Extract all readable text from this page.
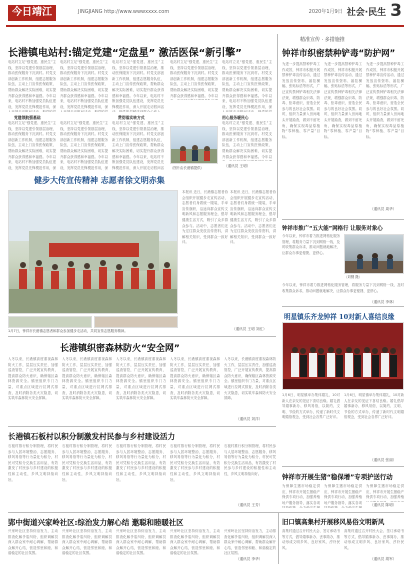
今日靖江	JINGJIANG http://www.wwwxxxx.com	2020年1月9日 社会·民生 3
长港镇电站村:锚定党建“定盘星” 激活医保“新引擎”
电站村立足“强党建、惠民生”主线，坚持以党建引领基层治理，推动医保服务下沉到村。村党支部创新工作机制，组建志愿服务队伍，主动上门宣传医保政策，帮助群众解决实际困难，切实提升群众获得感和幸福感。今年以来，电站村不断加强党员队伍建设，发挥党员先锋模范作用，深
电站村立足“强党建、惠民生”主线，坚持以党建引领基层治理，推动医保服务下沉到村。村党支部创新工作机制，组建志愿服务队伍，主动上门宣传医保政策，帮助群众解决实际困难，切实提升群众获得感和幸福感。今年以来，电站村不断加强党员队伍建设，发挥党员先锋模范作用，深
电站村立足“强党建、惠民生”主线，坚持以党建引领基层治理，推动医保服务下沉到村。村党支部创新工作机制，组建志愿服务队伍，主动上门宣传医保政策，帮助群众解决实际困难，切实提升群众获得感和幸福感。今年以来，电站村不断加强党员队伍建设，发挥党员先锋模范作用，深入开展走访慰问活
电站村立足“强党建、惠民生”主线，坚持以党建引领基层治理，推动医保服务下沉到村。村党支部创新工作机制，组建志愿服务队伍，主动上门宣传医保政策，帮助群众解决实际困难，切实提升群众获得感和幸福感。今年以
电站村立足“强党建、惠民生”主线，坚持以党建引领基层治理，推动医保服务下沉到村。村党支部创新工作机制，组建志愿服务队伍，主动上门宣传医保政策，帮助群众解决实际困难，切实提升群众获得感和幸福感。今年以来，电站村不断加强党员队伍建设，发挥党员先锋模范作用，深
党建领航强基础	贯彻落实转方式	用心服务暖民心
电站村立足“强党建、惠民生”主线，坚持以党建引领基层治理，推动医保服务下沉到村。村党支部创新工作机制，组建志愿服务队伍，主动上门宣传医保政策，帮助群众解决实际困难，切实提升群众获得感和幸福感。今年以来，电站村不断加强党员队伍建设，发挥党员先锋模范作用，深
电站村立足“强党建、惠民生”主线，坚持以党建引领基层治理，推动医保服务下沉到村。村党支部创新工作机制，组建志愿服务队伍，主动上门宣传医保政策，帮助群众解决实际困难，切实提升群众获得感和幸福感。今年以来，电站村不断加强党员队伍建设，发挥党员先锋模范作用，深
电站村立足“强党建、惠民生”主线，坚持以党建引领基层治理，推动医保服务下沉到村。村党支部创新工作机制，组建志愿服务队伍，主动上门宣传医保政策，帮助群众解决实际困难，切实提升群众获得感和幸福感。今年以来，电站村不断加强党员队伍建设，发挥党员先锋模范作用，深入开展走访慰问活
电站村立足“强党建、惠民生”主线，坚持以党建引领基层治理，推动医保服务下沉到村。村党支部创新工作机制，组建志愿服务队伍，主动上门宣传医保政策，帮助群众解决实际困难，切实提升群众获得感和幸福感。今年以
（通讯员 王明）
（图片由长港镇提供）
精准宣传 · 多措施推
钟祥市织密禁种铲毒“防护网”
为进一步提高禁种铲毒工作成效，钟祥市积极开展禁种铲毒宣传活动，通过发放宣传资料、悬挂横幅、张贴标语等形式，广泛宣传禁种铲毒相关法律法规，增强群众识毒、防毒、拒毒意识，营造全民参与的良好社会氛围。同时，组织力量深入田间地头开展踏查，做到不留死角，确保实现毒品原植物“零种植、零产量”目标。
为进一步提高禁种铲毒工作成效，钟祥市积极开展禁种铲毒宣传活动，通过发放宣传资料、悬挂横幅、张贴标语等形式，广泛宣传禁种铲毒相关法律法规，增强群众识毒、防毒、拒毒意识，营造全民参与的良好社会氛围。同时，组织力量深入田间地头开展踏查，做到不留死角，确保实现毒品原植物“零种植、零产量”目标。
为进一步提高禁种铲毒工作成效，钟祥市积极开展禁种铲毒宣传活动，通过发放宣传资料、悬挂横幅、张贴标语等形式，广泛宣传禁种铲毒相关法律法规，增强群众识毒、防毒、拒毒意识，营造全民参与的良好社会氛围。同时，组织力量深入田间地头开展踏查，做到不留死角，确保实现毒品原植物“零种植、零产量”目标。
（通讯员 周华）
钟祥市推广“五大能”网格行 让服务对象心
今年以来，钟祥市着力推进网格化服务管理，将服务力量下沉到网格一线，及时收集群众诉求，推动问题就地解决，让群众办事更便捷、更舒心。
（刘钢 摄）
今年以来，钟祥市着力推进网格化服务管理，将服务力量下沉到网格一线，及时收集群众诉求，推动问题就地解决，让群众办事更便捷、更舒心。
（通讯员 李林）
健步大传宣传精神 志愿者徐文明赤集
1月7日，钟祥市长港镇志愿者和群众参加健步走活动，共同宣传志愿服务精神。
本报讯 近日，长港镇志愿者协会组织开展健步走宣传活动，志愿者们身着统一服装，手举宣传旗帜，沿途向群众宣传文明新风和志愿服务理念，倡导健康生活方式，吸引了众多群众参与。活动中，志愿者们还为过往群众发放宣传资料，讲解相关知识，受到群众一致好评。
本报讯 近日，长港镇志愿者协会组织开展健步走宣传活动，志愿者们身着统一服装，手举宣传旗帜，沿途向群众宣传文明新风和志愿服务理念，倡导健康生活方式，吸引了众多群众参与。活动中，志愿者们还为过往群众发放宣传资料，讲解相关知识，受到群众一致好评。
（通讯员 王明 刘红）
明星镇乐齐龙钟祥 10对新人喜结良缘
1月6日，明星镇举办集体婚礼，10对新人在亲友的见证下喜结良缘。婚礼倡导婚事新办、移风易俗，以简约、文明、节俭的方式举办，传递了新时代文明婚俗观念，受到社会各界广泛好评。
1月6日，明星镇举办集体婚礼，10对新人在亲友的见证下喜结良缘。婚礼倡导婚事新办、移风易俗，以简约、文明、节俭的方式举办，传递了新时代文明婚俗观念，受到社会各界广泛好评。
（通讯员 张丽）
长港镇织密森林防火“安全网”
入冬以来，长港镇高度重视森林防火工作，层层压实责任，加强巡查管控，广泛开展宣传教育，提高群众防火意识，确保辖区森林资源安全。镇里组织专门力量，对重点区域进行拉网式排查，及时消除各类火灾隐患，切实筑牢森林防火安全屏障。
入冬以来，长港镇高度重视森林防火工作，层层压实责任，加强巡查管控，广泛开展宣传教育，提高群众防火意识，确保辖区森林资源安全。镇里组织专门力量，对重点区域进行拉网式排查，及时消除各类火灾隐患，切实筑牢森林防火安全屏障。
入冬以来，长港镇高度重视森林防火工作，层层压实责任，加强巡查管控，广泛开展宣传教育，提高群众防火意识，确保辖区森林资源安全。镇里组织专门力量，对重点区域进行拉网式排查，及时消除各类火灾隐患，切实筑牢森林防火安全屏障。
入冬以来，长港镇高度重视森林防火工作，层层压实责任，加强巡查管控，广泛开展宣传教育，提高群众防火意识，确保辖区森林资源安全。镇里组织专门力量，对重点区域进行拉网式排查，及时消除各类火灾隐患，切实筑牢森林防火安全屏障。
入冬以来，长港镇高度重视森林防火工作，层层压实责任，加强巡查管控，广泛开展宣传教育，提高群众防火意识，确保辖区森林资源安全。镇里组织专门力量，对重点区域进行拉网式排查，及时消除各类火灾隐患，切实筑牢森林防火安全屏障。
（通讯员 刘洋）
长港镇石板村以积分制激发村民参与乡村建设活力
石板村推行积分制管理，将村民参与人居环境整治、志愿服务、移风易俗等行为量化为积分，村民可凭积分兑换生活用品，有效激发了村民参与乡村建设的积极性和主动性，乡风文明持续向好。
石板村推行积分制管理，将村民参与人居环境整治、志愿服务、移风易俗等行为量化为积分，村民可凭积分兑换生活用品，有效激发了村民参与乡村建设的积极性和主动性，乡风文明持续向好。
石板村推行积分制管理，将村民参与人居环境整治、志愿服务、移风易俗等行为量化为积分，村民可凭积分兑换生活用品，有效激发了村民参与乡村建设的积极性和主动性，乡风文明持续向好。
石板村推行积分制管理，将村民参与人居环境整治、志愿服务、移风易俗等行为量化为积分，村民可凭积分兑换生活用品，有效激发了村民参与乡村建设的积极性和主动性，乡风文明持续向好。
石板村推行积分制管理，将村民参与人居环境整治、志愿服务、移风易俗等行为量化为积分，村民可凭积分兑换生活用品，有效激发了村民参与乡村建设的积极性和主动性，乡风文明持续向好。
（通讯员 王芳）
钟祥市开展生猪“稳保增”专项护送行动
为保障生猪市场稳定供应，钟祥市开展生猪稳产保供专项行动，加强养殖场户服务指导，落实各项
为保障生猪市场稳定供应，钟祥市开展生猪稳产保供专项行动，加强养殖场户服务指导，落实各项
为保障生猪市场稳定供应，钟祥市开展生猪稳产保供专项行动，加强养殖
（通讯员 陈明）
郢中街道兴家岭社区:综治发力解心结 邀聪和睦暖社区
兴家岭社区坚持综治发力，主动排查化解矛盾纠纷，组织调解员深入群众家中耐心调解，帮助群众解开心结，营造邻里和睦、和谐稳定的社区氛围。
兴家岭社区坚持综治发力，主动排查化解矛盾纠纷，组织调解员深入群众家中耐心调解，帮助群众解开心结，营造邻里和睦、和谐稳定的社区氛围。
兴家岭社区坚持综治发力，主动排查化解矛盾纠纷，组织调解员深入群众家中耐心调解，帮助群众解开心结，营造邻里和睦、和谐稳定的社区氛围。
兴家岭社区坚持综治发力，主动排查化解矛盾纠纷，组织调解员深入群众家中耐心调解，帮助群众解开心结，营造邻里和睦、和谐稳定的社区氛围。
兴家岭社区坚持综治发力，主动排查化解矛盾纠纷，组织调解员深入群众家中耐心调解，帮助群众解开心结，营造邻里和睦、和谐稳定的社区氛围。
（通讯员 李华）
旧口镇高集村开展移风易俗文明新风
高集村通过召开村民大会、签订承诺书等方式，倡导婚事新办、丧事简办，推动形成文明乡风、良好家风、淳朴民风。
高集村通过召开村民大会、签订承诺书等方式，倡导婚事新办、丧事简办，推动形成文明乡风、良好家风、淳朴民风。
（通讯员 胡军）
